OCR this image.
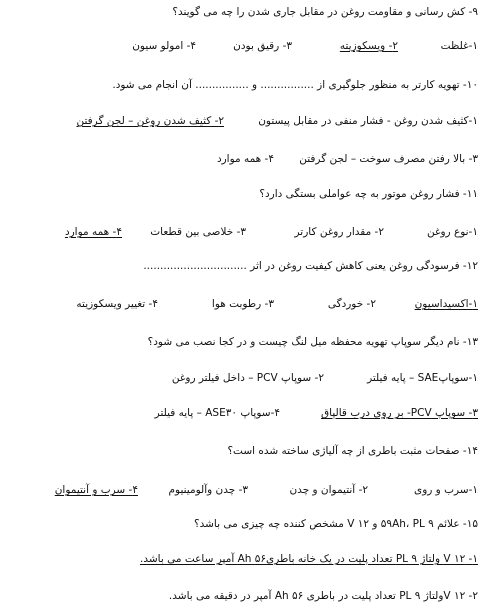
۹- کش رسانی و مقاومت روغن در مقابل جاری شدن را چه می گویند؟
۱-غلظت
۲- ویسکوزیته
۳- رقیق بودن
۴- امولو سیون
۱۰- تهویه کارتر به منظور جلوگیری از ................ و ................ آن انجام می شود.
۱-کثیف شدن روغن - فشار منفی در مقابل پیستون
۲- کثیف شدن روغن – لجن گرفتن
۳- بالا رفتن مصرف سوخت – لجن گرفتن
۴- همه موارد
۱۱- فشار روغن موتور به چه عواملی بستگی دارد؟
۱-نوع روغن
۲- مقدار روغن کارتر
۳- خلاصی بین قطعات
۴- همه موارد
۱۲- فرسودگی روغن یعنی کاهش کیفیت روغن در اثر ...............................
۱-اکسیداسیون
۲- خوردگی
۳- رطوبت هوا
۴- تغییر ویسکوزیته
۱۳- نام دیگر سوپاپ تهویه محفظه میل لنگ چیست و در کجا نصب می شود؟
۱-سوپاپSAE – پایه فیلتر
۲- سوپاپ PCV – داخل فیلتر روغن
۳- سوپاپ PCV- بر روی درب قالپاق
۴-سوپاپ ASE۳۰ – پایه فیلتر
۱۴- صفحات مثبت باطری از چه آلیاژی ساخته شده است؟
۱-سرب و روی
۲- آنتیموان و چدن
۳- چدن وآلومینیوم
۴- سرب و آنتیموان
۱۵- علائم ۵۹Ah، PL ۹ و ۱۲ V مشخص کننده چه چیزی می باشد؟
۱- ۱۲ V ولتاژ PL ۹ تعداد پلیت در یک خانه باطری۵۶ Ah آمپر ساعت می باشد.
۲- ۱۲ Vولتاژ PL ۹ تعداد پلیت در باطری ۵۶ Ah آمپر در دقیقه می باشد.
